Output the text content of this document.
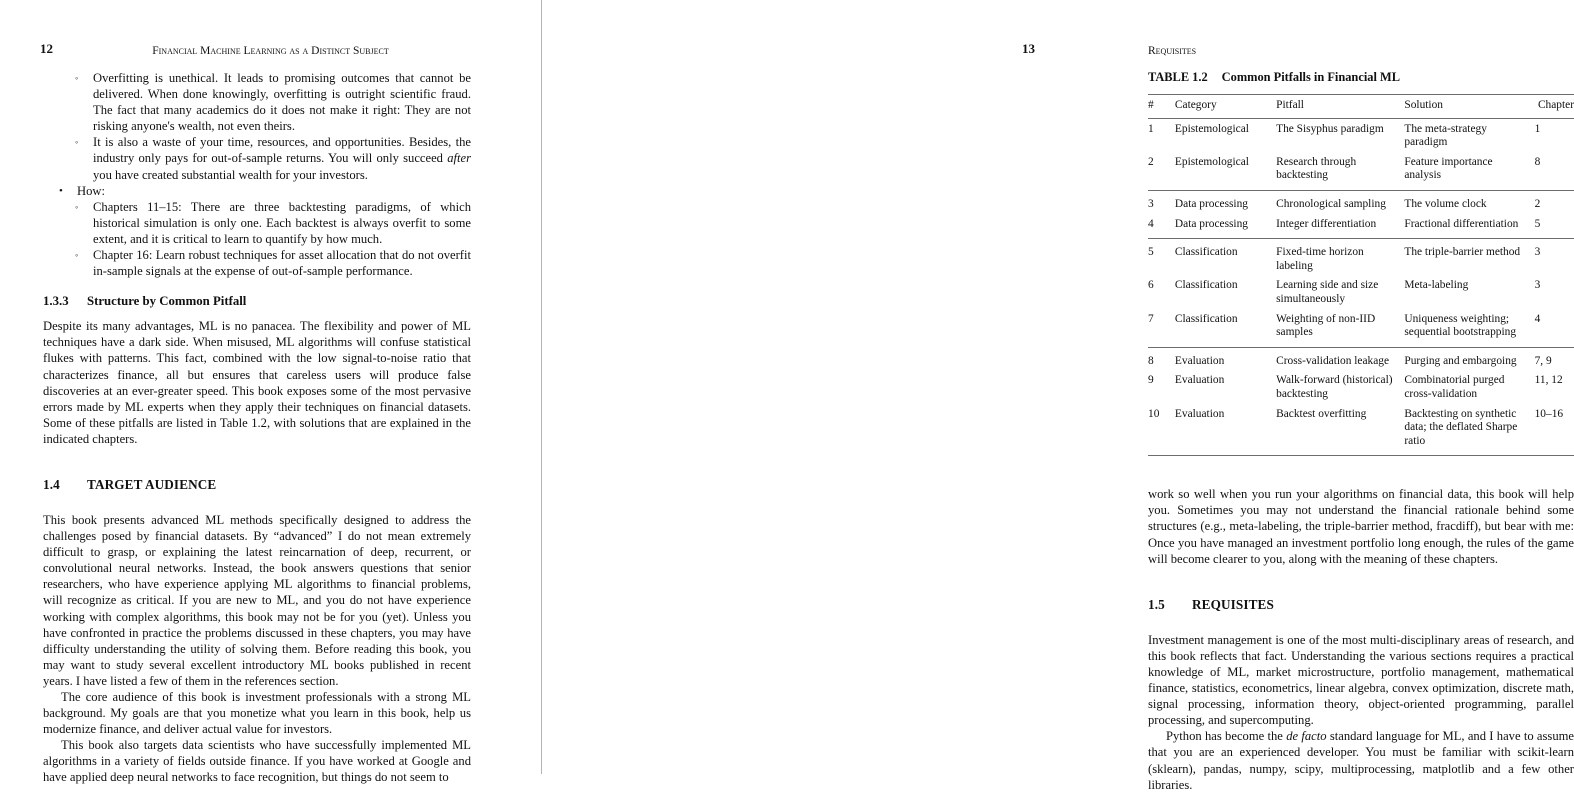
12	Financial Machine Learning as a Distinct Subject
◦ Overfitting is unethical. It leads to promising outcomes that cannot be delivered. When done knowingly, overfitting is outright scientific fraud. The fact that many academics do it does not make it right: They are not risking anyone's wealth, not even theirs.
◦ It is also a waste of your time, resources, and opportunities. Besides, the industry only pays for out-of-sample returns. You will only succeed after you have created substantial wealth for your investors.
• How:
◦ Chapters 11–15: There are three backtesting paradigms, of which historical simulation is only one. Each backtest is always overfit to some extent, and it is critical to learn to quantify by how much.
◦ Chapter 16: Learn robust techniques for asset allocation that do not overfit in-sample signals at the expense of out-of-sample performance.
1.3.3 Structure by Common Pitfall

Despite its many advantages, ML is no panacea. The flexibility and power of ML techniques have a dark side. When misused, ML algorithms will confuse statistical flukes with patterns. This fact, combined with the low signal-to-noise ratio that characterizes finance, all but ensures that careless users will produce false discoveries at an ever-greater speed. This book exposes some of the most pervasive errors made by ML experts when they apply their techniques on financial datasets. Some of these pitfalls are listed in Table 1.2, with solutions that are explained in the indicated chapters.

1.4 TARGET AUDIENCE

This book presents advanced ML methods specifically designed to address the challenges posed by financial datasets. By “advanced” I do not mean extremely difficult to grasp, or explaining the latest reincarnation of deep, recurrent, or convolutional neural networks. Instead, the book answers questions that senior researchers, who have experience applying ML algorithms to financial problems, will recognize as critical. If you are new to ML, and you do not have experience working with complex algorithms, this book may not be for you (yet). Unless you have confronted in practice the problems discussed in these chapters, you may have difficulty understanding the utility of solving them. Before reading this book, you may want to study several excellent introductory ML books published in recent years. I have listed a few of them in the references section.

The core audience of this book is investment professionals with a strong ML background. My goals are that you monetize what you learn in this book, help us modernize finance, and deliver actual value for investors.

This book also targets data scientists who have successfully implemented ML algorithms in a variety of fields outside finance. If you have worked at Google and have applied deep neural networks to face recognition, but things do not seem to

Requisites
13
TABLE 1.2 Common Pitfalls in Financial ML
#	Category	Pitfall	Solution	Chapter
1	Epistemological	The Sisyphus paradigm	The meta-strategy paradigm	1
2	Epistemological	Research through backtesting	Feature importance analysis	8
3	Data processing	Chronological sampling	The volume clock	2
4	Data processing	Integer differentiation	Fractional differentiation	5
5	Classification	Fixed-time horizon labeling	The triple-barrier method	3
6	Classification	Learning side and size simultaneously	Meta-labeling	3
7	Classification	Weighting of non-IID samples	Uniqueness weighting; sequential bootstrapping	4
8	Evaluation	Cross-validation leakage	Purging and embargoing	7, 9
9	Evaluation	Walk-forward (historical) backtesting	Combinatorial purged cross-validation	11, 12
10	Evaluation	Backtest overfitting	Backtesting on synthetic data; the deflated Sharpe ratio	10–16

work so well when you run your algorithms on financial data, this book will help you. Sometimes you may not understand the financial rationale behind some structures (e.g., meta-labeling, the triple-barrier method, fracdiff), but bear with me: Once you have managed an investment portfolio long enough, the rules of the game will become clearer to you, along with the meaning of these chapters.

1.5 REQUISITES

Investment management is one of the most multi-disciplinary areas of research, and this book reflects that fact. Understanding the various sections requires a practical knowledge of ML, market microstructure, portfolio management, mathematical finance, statistics, econometrics, linear algebra, convex optimization, discrete math, signal processing, information theory, object-oriented programming, parallel processing, and supercomputing.

Python has become the de facto standard language for ML, and I have to assume that you are an experienced developer. You must be familiar with scikit-learn (sklearn), pandas, numpy, scipy, multiprocessing, matplotlib and a few other libraries.
